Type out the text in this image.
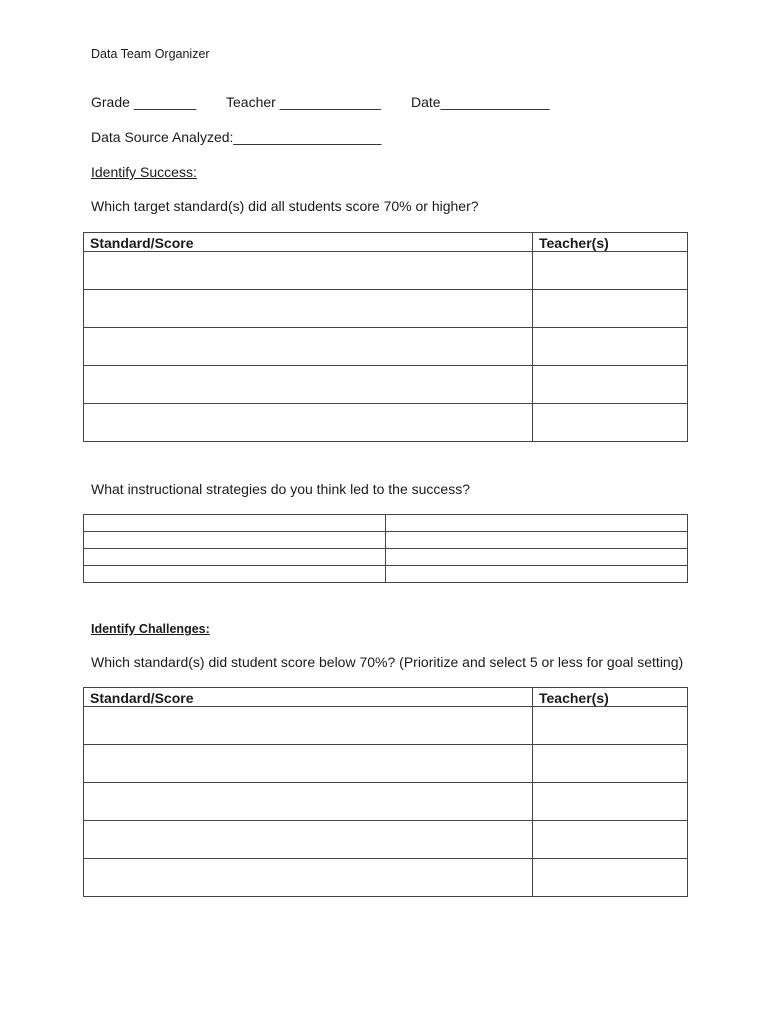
Data Team Organizer
Grade ________ Teacher _____________ Date______________
Data Source Analyzed:___________________
Identify Success:
Which target standard(s) did all students score 70% or higher?
Standard/Score	Teacher(s)

What instructional strategies do you think led to the success?

Identify Challenges:
Which standard(s) did student score below 70%? (Prioritize and select 5 or less for goal setting)
Standard/Score	Teacher(s)
